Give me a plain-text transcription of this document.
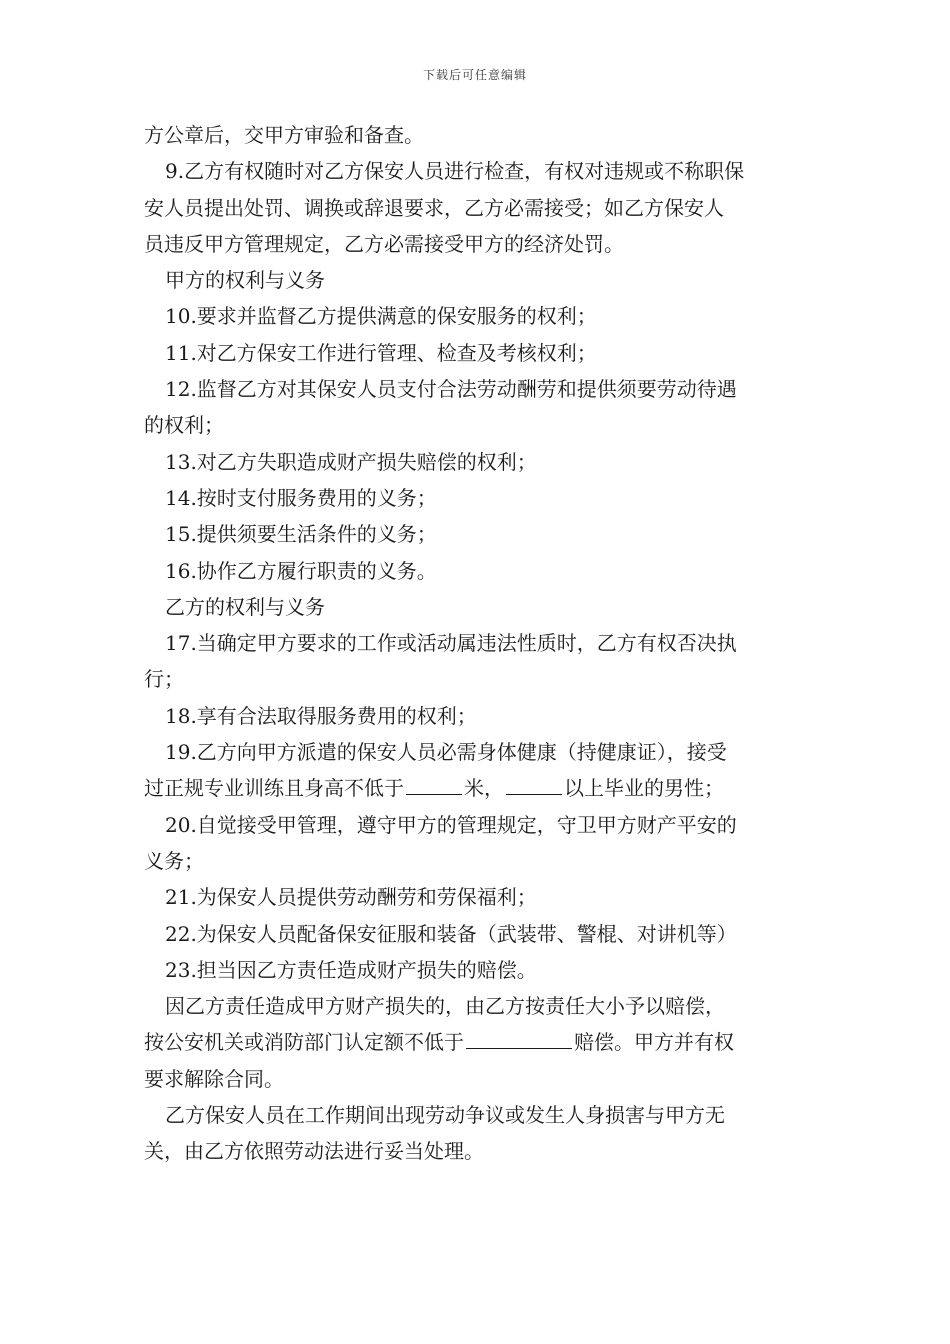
下载后可任意编辑
方公章后，交甲方审验和备查。
9.乙方有权随时对乙方保安人员进行检查，有权对违规或不称职保
安人员提出处罚、调换或辞退要求，乙方必需接受；如乙方保安人
员违反甲方管理规定，乙方必需接受甲方的经济处罚。
甲方的权利与义务
10.要求并监督乙方提供满意的保安服务的权利；
11.对乙方保安工作进行管理、检查及考核权利；
12.监督乙方对其保安人员支付合法劳动酬劳和提供须要劳动待遇
的权利；
13.对乙方失职造成财产损失赔偿的权利；
14.按时支付服务费用的义务；
15.提供须要生活条件的义务；
16.协作乙方履行职责的义务。
乙方的权利与义务
17.当确定甲方要求的工作或活动属违法性质时，乙方有权否决执
行；
18.享有合法取得服务费用的权利；
19.乙方向甲方派遣的保安人员必需身体健康（持健康证），接受
过正规专业训练且身高不低于	米，	以上毕业的男性；
20.自觉接受甲管理，遵守甲方的管理规定，守卫甲方财产平安的
义务；
21.为保安人员提供劳动酬劳和劳保福利；
22.为保安人员配备保安征服和装备（武装带、警棍、对讲机等）
23.担当因乙方责任造成财产损失的赔偿。
因乙方责任造成甲方财产损失的，由乙方按责任大小予以赔偿，
按公安机关或消防部门认定额不低于	赔偿。甲方并有权
要求解除合同。
乙方保安人员在工作期间出现劳动争议或发生人身损害与甲方无
关，由乙方依照劳动法进行妥当处理。
